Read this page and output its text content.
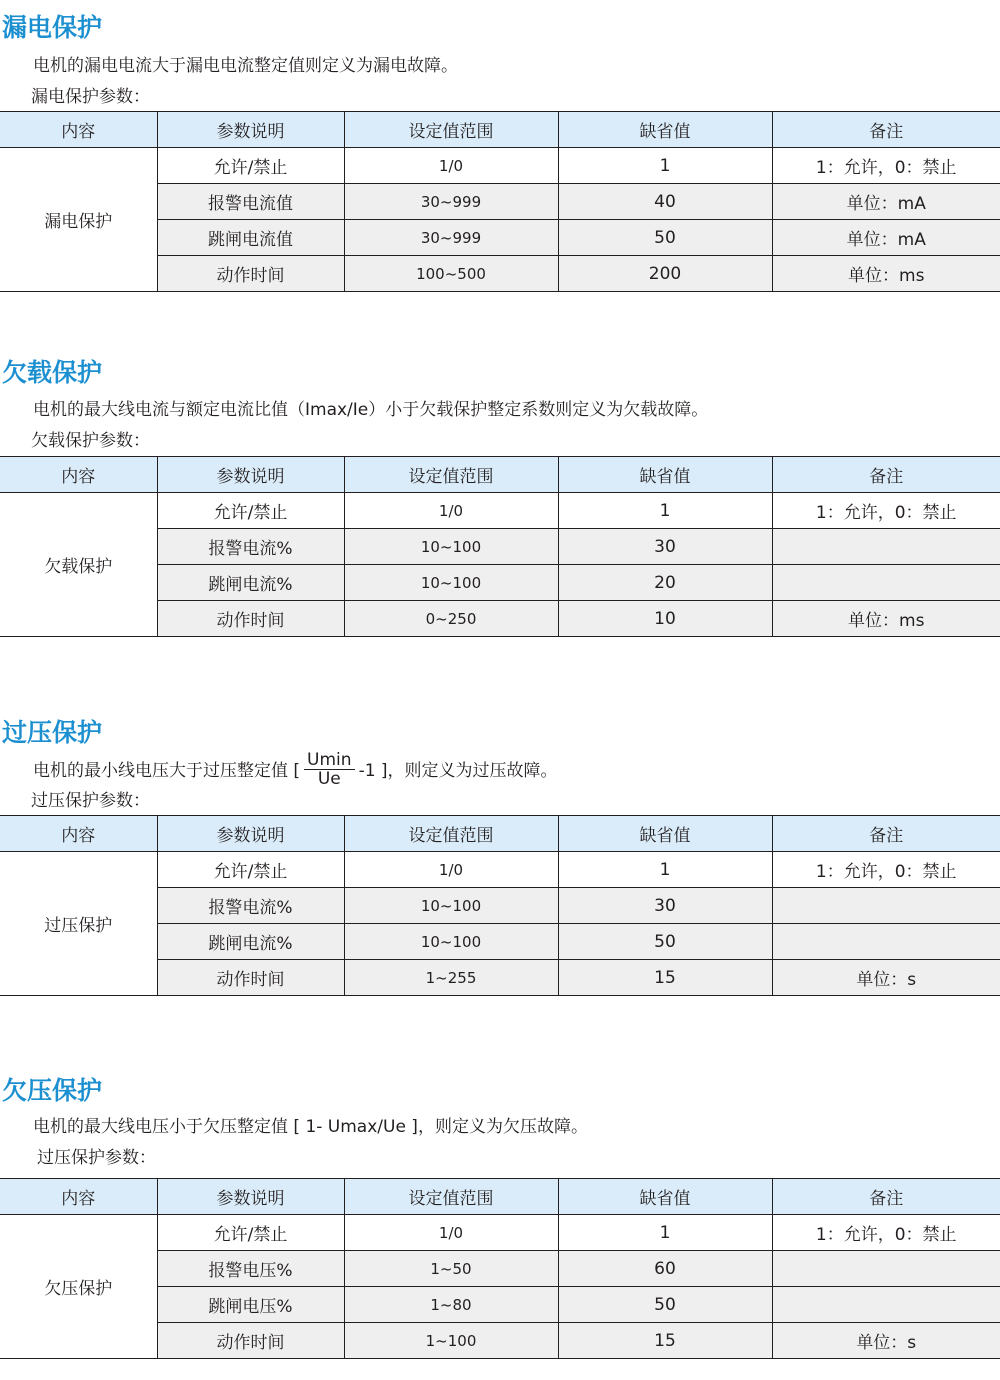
漏电保护
电机的漏电电流大于漏电电流整定值则定义为漏电故障。
漏电保护参数：
内容	参数说明	设定值范围	缺省值	备注
漏电保护	允许/禁止	1/0	1	1：允许，0：禁止
	报警电流值	30~999	40	单位：mA
	跳闸电流值	30~999	50	单位：mA
	动作时间	100~500	200	单位：ms
欠载保护
电机的最大线电流与额定电流比值（Imax/Ie）小于欠载保护整定系数则定义为欠载故障。
欠载保护参数：
内容	参数说明	设定值范围	缺省值	备注
欠载保护	允许/禁止	1/0	1	1：允许，0：禁止
	报警电流%	10~100	30	
	跳闸电流%	10~100	20	
	动作时间	0~250	10	单位：ms
过压保护
电机的最小线电压大于过压整定值 [ $\frac{Umin}{Ue} -1$ ]，则定义为过压故障。
过压保护参数：
内容	参数说明	设定值范围	缺省值	备注
过压保护	允许/禁止	1/0	1	1：允许，0：禁止
	报警电流%	10~100	30	
	跳闸电流%	10~100	50	
	动作时间	1~255	15	单位：s
欠压保护
电机的最大线电压小于欠压整定值 [ 1- Umax/Ue ]，则定义为欠压故障。
过压保护参数：
内容	参数说明	设定值范围	缺省值	备注
欠压保护	允许/禁止	1/0	1	1：允许，0：禁止
	报警电压%	1~50	60	
	跳闸电压%	1~80	50	
	动作时间	1~100	15	单位：s
